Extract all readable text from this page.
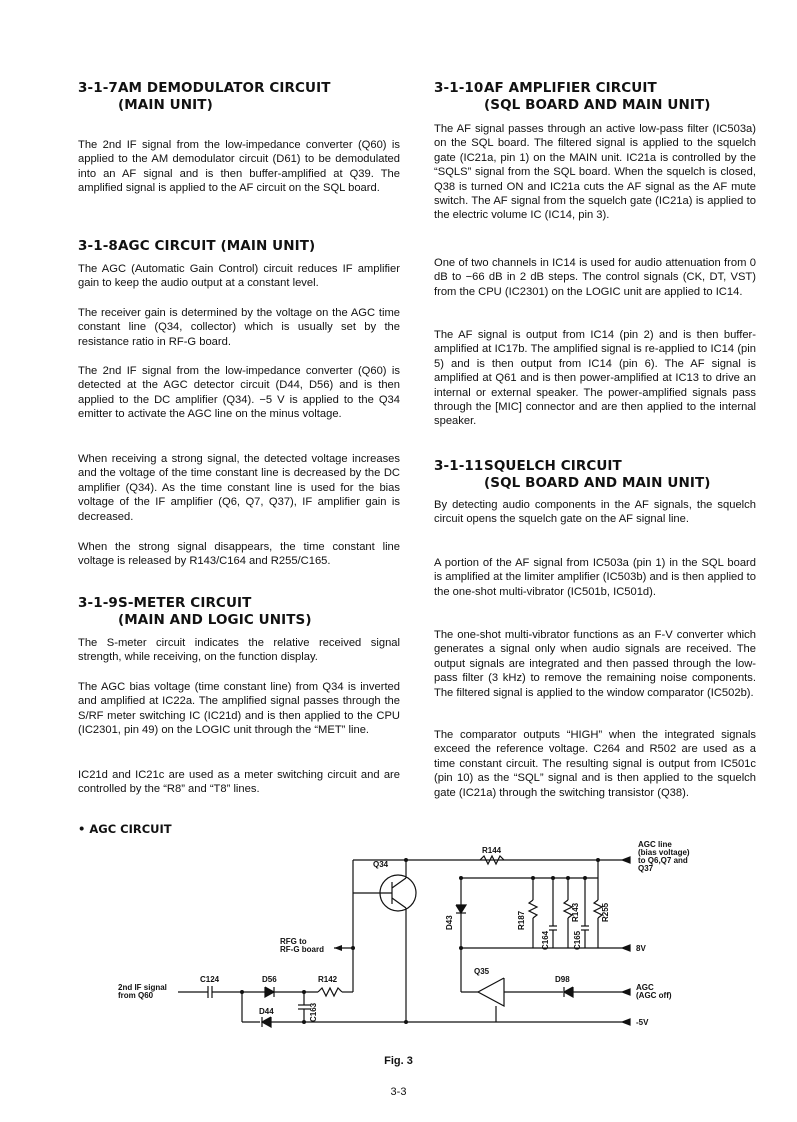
3-1-7AM DEMODULATOR CIRCUIT
(MAIN UNIT)

The 2nd IF signal from the low-impedance converter (Q60) is applied to the AM demodulator circuit (D61) to be demodulated into an AF signal and is then buffer-amplified at Q39. The amplified signal is applied to the AF circuit on the SQL board.

3-1-8AGC CIRCUIT (MAIN UNIT)

The AGC (Automatic Gain Control) circuit reduces IF amplifier gain to keep the audio output at a constant level.

The receiver gain is determined by the voltage on the AGC time constant line (Q34, collector) which is usually set by the resistance ratio in RF-G board.

The 2nd IF signal from the low-impedance converter (Q60) is detected at the AGC detector circuit (D44, D56) and is then applied to the DC amplifier (Q34). −5 V is applied to the Q34 emitter to activate the AGC line on the minus voltage.

When receiving a strong signal, the detected voltage increases and the voltage of the time constant line is decreased by the DC amplifier (Q34). As the time constant line is used for the bias voltage of the IF amplifier (Q6, Q7, Q37), IF amplifier gain is decreased.

When the strong signal disappears, the time constant line voltage is released by R143/C164 and R255/C165.

3-1-9S-METER CIRCUIT
(MAIN AND LOGIC UNITS)

The S-meter circuit indicates the relative received signal strength, while receiving, on the function display.

The AGC bias voltage (time constant line) from Q34 is inverted and amplified at IC22a. The amplified signal passes through the S/RF meter switching IC (IC21d) and is then applied to the CPU (IC2301, pin 49) on the LOGIC unit through the “MET” line.

IC21d and IC21c are used as a meter switching circuit and are controlled by the “R8” and “T8” lines.

3-1-10AF AMPLIFIER CIRCUIT
(SQL BOARD AND MAIN UNIT)

The AF signal passes through an active low-pass filter (IC503a) on the SQL board. The filtered signal is applied to the squelch gate (IC21a, pin 1) on the MAIN unit. IC21a is controlled by the “SQLS” signal from the SQL board. When the squelch is closed, Q38 is turned ON and IC21a cuts the AF signal as the AF mute switch. The AF signal from the squelch gate (IC21a) is applied to the electric volume IC (IC14, pin 3).

One of two channels in IC14 is used for audio attenuation from 0 dB to −66 dB in 2 dB steps. The control signals (CK, DT, VST) from the CPU (IC2301) on the LOGIC unit are applied to IC14.

The AF signal is output from IC14 (pin 2) and is then buffer-amplified at IC17b. The amplified signal is re-applied to IC14 (pin 5) and is then output from IC14 (pin 6). The AF signal is amplified at Q61 and is then power-amplified at IC13 to drive an internal or external speaker. The power-amplified signals pass through the [MIC] connector and are then applied to the internal speaker.

3-1-11SQUELCH CIRCUIT
(SQL BOARD AND MAIN UNIT)

By detecting audio components in the AF signals, the squelch circuit opens the squelch gate on the AF signal line.

A portion of the AF signal from IC503a (pin 1) in the SQL board is amplified at the limiter amplifier (IC503b) and is then applied to the one-shot multi-vibrator (IC501b, IC501d).

The one-shot multi-vibrator functions as an F-V converter which generates a signal only when audio signals are received. The output signals are integrated and then passed through the low-pass filter (3 kHz) to remove the remaining noise components. The filtered signal is applied to the window comparator (IC502b).

The comparator outputs “HIGH” when the integrated signals exceed the reference voltage. C264 and R502 are used as a time constant circuit. The resulting signal is output from IC501c (pin 10) as the “SQL” signal and is then applied to the squelch gate (IC21a) through the switching transistor (Q38).

• AGC CIRCUIT
AGC line
(bias voltage)
to Q6,Q7 and
Q37
R144
Q34
D43	R187	R143	R255
C164	C165	8V
RFG to
RF-G board
2nd IF signal
from Q60
C124	D56	R142
C163
D44
Q35
D98
AGC
(AGC off)
-5V
Fig. 3
3-3
